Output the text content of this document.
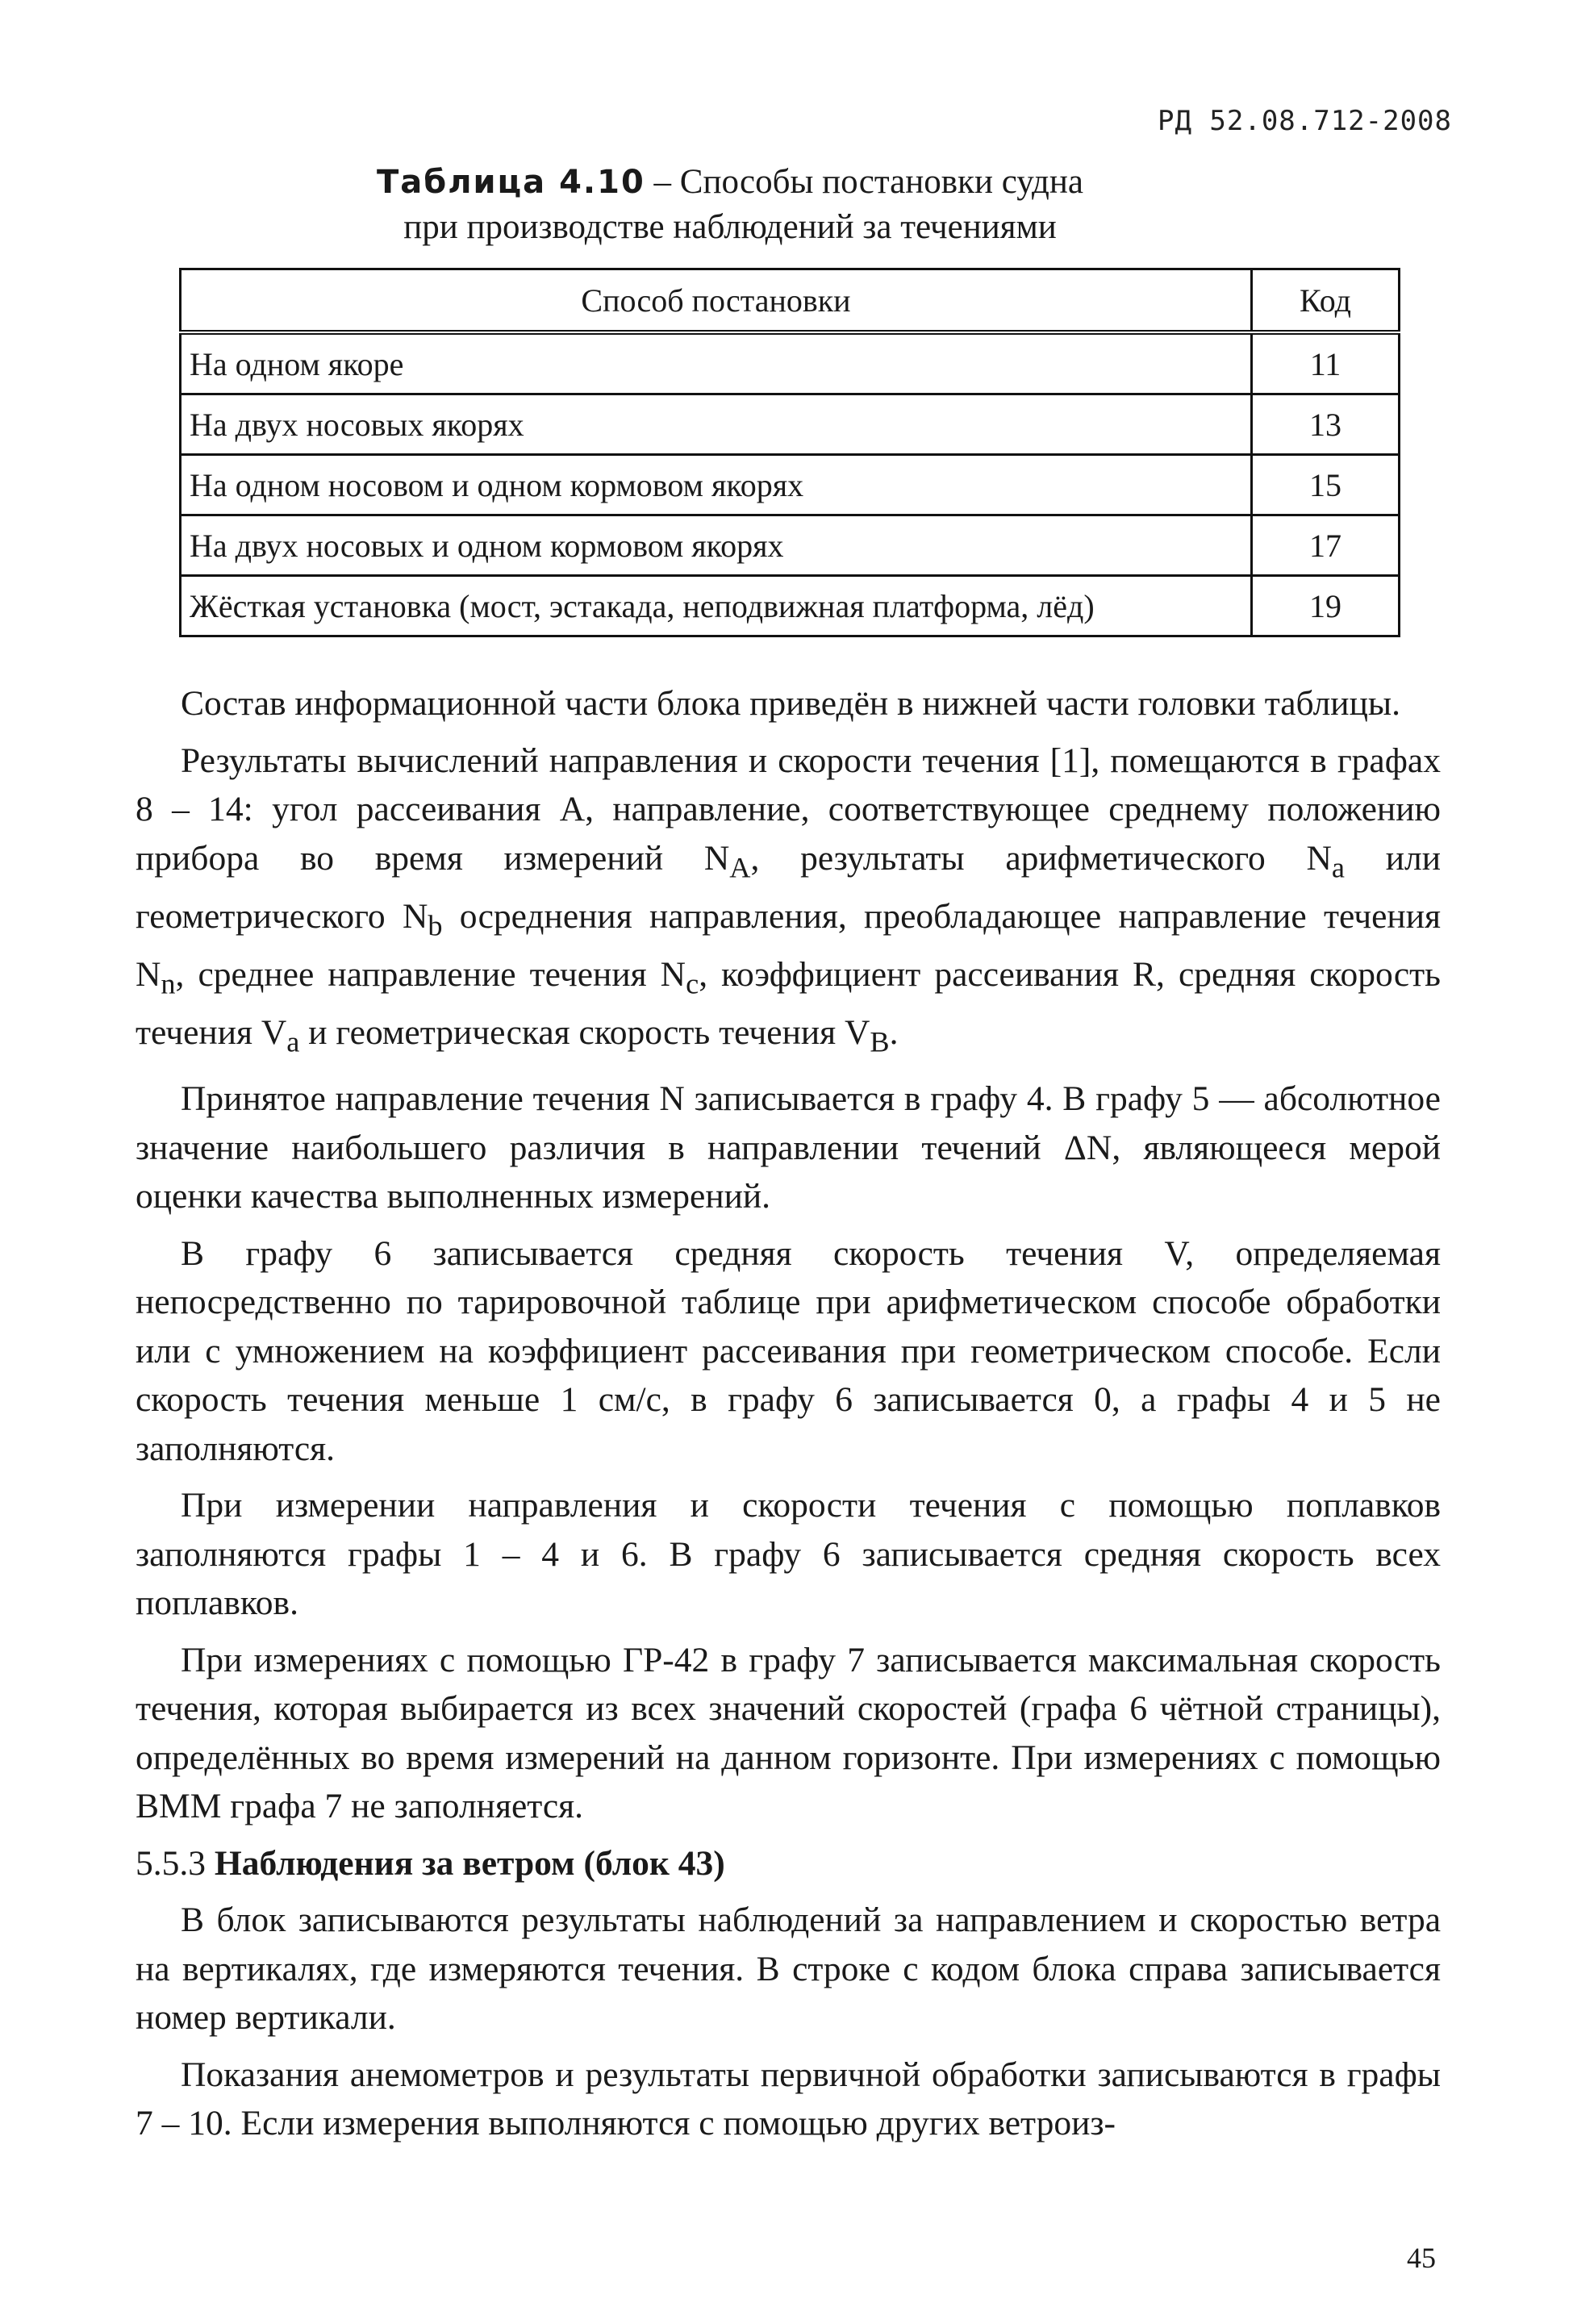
РД 52.08.712-2008
Таблица 4.10 – Способы постановки судна
при производстве наблюдений за течениями
Способ постановки	Код
На одном якоре	11
На двух носовых якорях	13
На одном носовом и одном кормовом якорях	15
На двух носовых и одном кормовом якорях	17
Жёсткая установка (мост, эстакада, неподвижная платформа, лёд)	19

Состав информационной части блока приведён в нижней части головки таблицы.

Результаты вычислений направления и скорости течения [1], помещаются в графах 8 – 14: угол рассеивания A, направление, соответствующее среднему положению прибора во время измерений $N_A$, результаты арифметического $N_a$ или геометрического $N_b$ осреднения направления, преобладающее направление течения $N_n$, среднее направление течения $N_c$, коэффициент рассеивания R, средняя скорость течения $V_a$ и геометрическая скорость течения $V_B$.

Принятое направление течения N записывается в графу 4. В графу 5 — абсолютное значение наибольшего различия в направлении течений ΔN, являющееся мерой оценки качества выполненных измерений.

В графу 6 записывается средняя скорость течения V, определяемая непосредственно по тарировочной таблице при арифметическом способе обработки или с умножением на коэффициент рассеивания при геометрическом способе. Если скорость течения меньше 1 см/с, в графу 6 записывается 0, а графы 4 и 5 не заполняются.

При измерении направления и скорости течения с помощью поплавков заполняются графы 1 – 4 и 6. В графу 6 записывается средняя скорость всех поплавков.

При измерениях с помощью ГР-42 в графу 7 записывается максимальная скорость течения, которая выбирается из всех значений скоростей (графа 6 чётной страницы), определённых во время измерений на данном горизонте. При измерениях с помощью ВММ графа 7 не заполняется.

5.5.3 Наблюдения за ветром (блок 43)

В блок записываются результаты наблюдений за направлением и скоростью ветра на вертикалях, где измеряются течения. В строке с кодом блока справа записывается номер вертикали.

Показания анемометров и результаты первичной обработки записываются в графы 7 – 10. Если измерения выполняются с помощью других ветроиз-

45
